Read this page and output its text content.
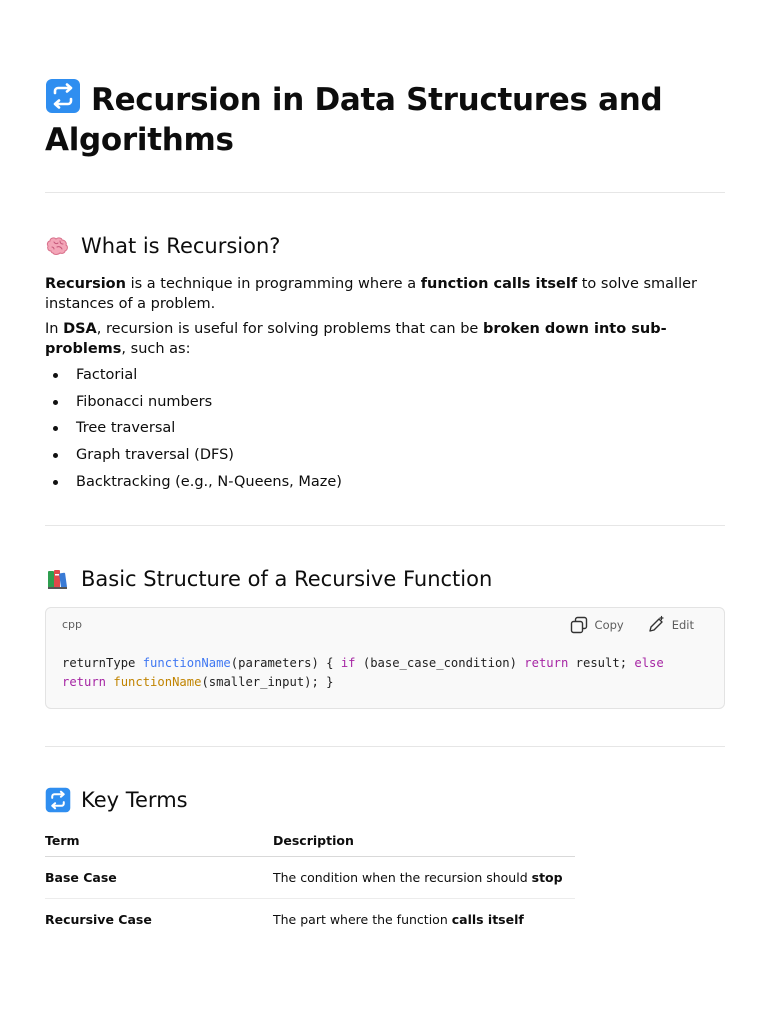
Recursion in Data Structures and Algorithms
What is Recursion?

Recursion is a technique in programming where a function calls itself to solve smaller instances of a problem.

In DSA, recursion is useful for solving problems that can be broken down into sub-problems, such as:

Factorial
Fibonacci numbers
Tree traversal
Graph traversal (DFS)
Backtracking (e.g., N-Queens, Maze)
Basic Structure of a Recursive Function
cpp	Copy	Edit
returnType functionName(parameters) { if (base_case_condition) return result; else
return functionName(smaller_input); }
Key Terms
Term	Description
Base Case	The condition when the recursion should stop
Recursive Case	The part where the function calls itself
